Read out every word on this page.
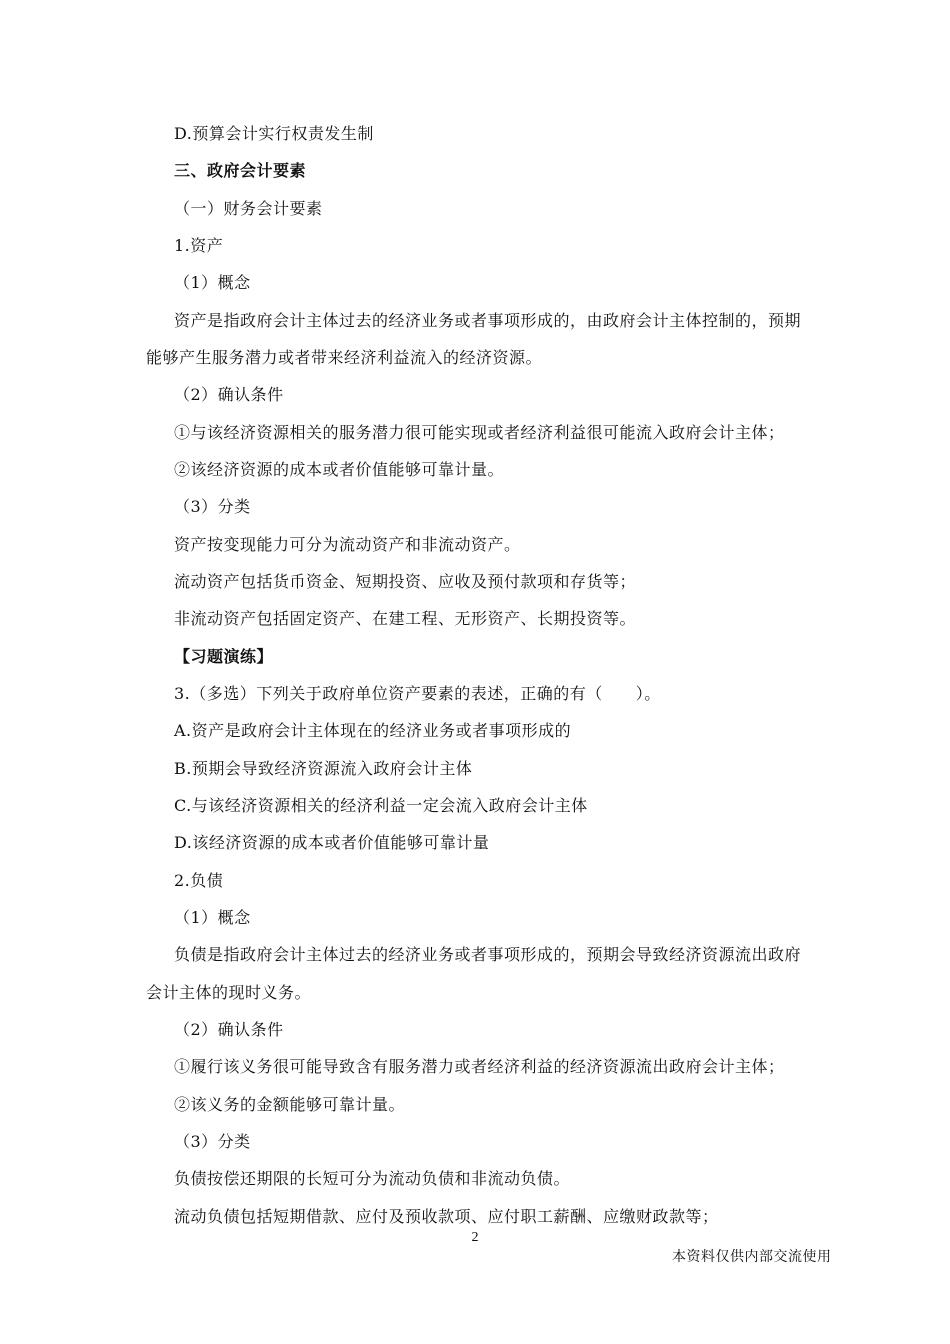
D.预算会计实行权责发生制
三、政府会计要素
（一）财务会计要素
1.资产
（1）概念
资产是指政府会计主体过去的经济业务或者事项形成的，由政府会计主体控制的，预期
能够产生服务潜力或者带来经济利益流入的经济资源。
（2）确认条件
①与该经济资源相关的服务潜力很可能实现或者经济利益很可能流入政府会计主体；
②该经济资源的成本或者价值能够可靠计量。
（3）分类
资产按变现能力可分为流动资产和非流动资产。
流动资产包括货币资金、短期投资、应收及预付款项和存货等；
非流动资产包括固定资产、在建工程、无形资产、长期投资等。
【习题演练】
3.（多选）下列关于政府单位资产要素的表述，正确的有（　　）。
A.资产是政府会计主体现在的经济业务或者事项形成的
B.预期会导致经济资源流入政府会计主体
C.与该经济资源相关的经济利益一定会流入政府会计主体
D.该经济资源的成本或者价值能够可靠计量
2.负债
（1）概念
负债是指政府会计主体过去的经济业务或者事项形成的，预期会导致经济资源流出政府
会计主体的现时义务。
（2）确认条件
①履行该义务很可能导致含有服务潜力或者经济利益的经济资源流出政府会计主体；
②该义务的金额能够可靠计量。
（3）分类
负债按偿还期限的长短可分为流动负债和非流动负债。
流动负债包括短期借款、应付及预收款项、应付职工薪酬、应缴财政款等；
2
本资料仅供内部交流使用
